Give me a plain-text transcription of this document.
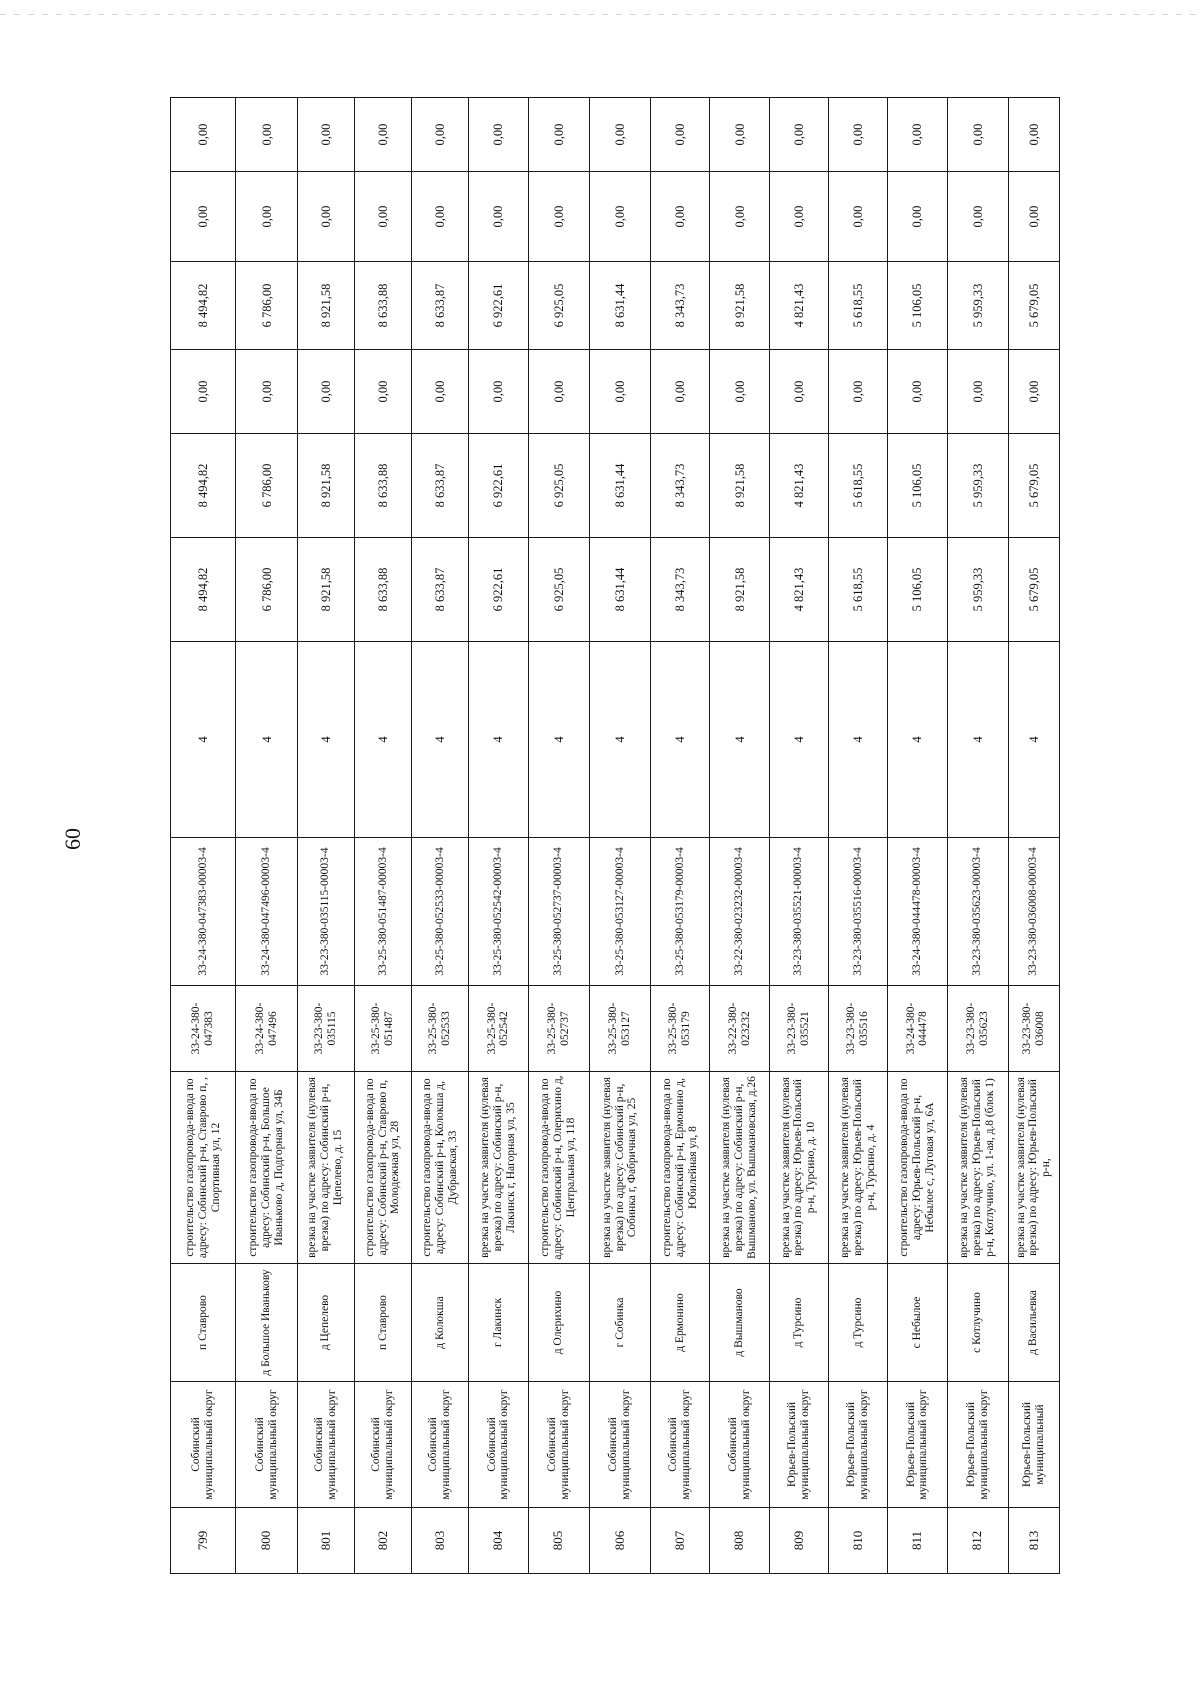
60
799	Собинский муниципальный округ	п Ставрово	строительство газопровода-ввода по адресу: Собинский р-н, Ставрово п, , Спортивная ул, 12	33-24-380-047383	33-24-380-047383-00003-4	4	8 494,82	8 494,82	0,00	8 494,82	0,00	0,00
800	Собинский муниципальный округ	д Большое Иванькову	строительство газопровода-ввода по адресу: Собинский р-н, Большое Иваньково д, Подгорная ул, 34Б	33-24-380-047496	33-24-380-047496-00003-4	4	6 786,00	6 786,00	0,00	6 786,00	0,00	0,00
801	Собинский муниципальный округ	д Цепелево	врезка на участке заявителя (нулевая врезка) по адресу: Собинский р-н, Цепелево, д. 15	33-23-380-035115	33-23-380-035115-00003-4	4	8 921,58	8 921,58	0,00	8 921,58	0,00	0,00
802	Собинский муниципальный округ	п Ставрово	строительство газопровода-ввода по адресу: Собинский р-н, Ставрово п, Молодежная ул, 28	33-25-380-051487	33-25-380-051487-00003-4	4	8 633,88	8 633,88	0,00	8 633,88	0,00	0,00
803	Собинский муниципальный округ	д Колокша	строительство газопровода-ввода по адресу: Собинский р-н, Колокша д, Дубравская, 33	33-25-380-052533	33-25-380-052533-00003-4	4	8 633,87	8 633,87	0,00	8 633,87	0,00	0,00
804	Собинский муниципальный округ	г Лакинск	врезка на участке заявителя (нулевая врезка) по адресу: Собинский р-н, Лакинск г, Нагорная ул, 35	33-25-380-052542	33-25-380-052542-00003-4	4	6 922,61	6 922,61	0,00	6 922,61	0,00	0,00
805	Собинский муниципальный округ	д Олерихино	строительство газопровода-ввода по адресу: Собинский р-н, Олерихино д, Центральная ул, 118	33-25-380-052737	33-25-380-052737-00003-4	4	6 925,05	6 925,05	0,00	6 925,05	0,00	0,00
806	Собинский муниципальный округ	г Собинка	врезка на участке заявителя (нулевая врезка) по адресу: Собинский р-н, Собинка г, Фабричная ул, 25	33-25-380-053127	33-25-380-053127-00003-4	4	8 631,44	8 631,44	0,00	8 631,44	0,00	0,00
807	Собинский муниципальный округ	д Ермонино	строительство газопровода-ввода по адресу: Собинский р-н, Ермонино д, Юбилейная ул, 8	33-25-380-053179	33-25-380-053179-00003-4	4	8 343,73	8 343,73	0,00	8 343,73	0,00	0,00
808	Собинский муниципальный округ	д Вышманово	врезка на участке заявителя (нулевая врезка) по адресу: Собинский р-н, Вышманово, ул. Вышмановская, д.26	33-22-380-023232	33-22-380-023232-00003-4	4	8 921,58	8 921,58	0,00	8 921,58	0,00	0,00
809	Юрьев-Польский муниципальный округ	д Турсино	врезка на участке заявителя (нулевая врезка) по адресу: Юрьев-Польский р-н, Турсино, д. 10	33-23-380-035521	33-23-380-035521-00003-4	4	4 821,43	4 821,43	0,00	4 821,43	0,00	0,00
810	Юрьев-Польский муниципальный округ	д Турсино	врезка на участке заявителя (нулевая врезка) по адресу: Юрьев-Польский р-н, Турсино, д. 4	33-23-380-035516	33-23-380-035516-00003-4	4	5 618,55	5 618,55	0,00	5 618,55	0,00	0,00
811	Юрьев-Польский муниципальный округ	с Небылое	строительство газопровода-ввода по адресу: Юрьев-Польский р-н, Небылое с, Луговая ул, 6А	33-24-380-044478	33-24-380-044478-00003-4	4	5 106,05	5 106,05	0,00	5 106,05	0,00	0,00
812	Юрьев-Польский муниципальный округ	с Котлучино	врезка на участке заявителя (нулевая врезка) по адресу: Юрьев-Польский р-н, Котлучино, ул. 1-ая, д.8 (блок 1)	33-23-380-035623	33-23-380-035623-00003-4	4	5 959,33	5 959,33	0,00	5 959,33	0,00	0,00
813	Юрьев-Польский муниципальный	д Васильевка	врезка на участке заявителя (нулевая врезка) по адресу: Юрьев-Польский р-н,	33-23-380-036008	33-23-380-036008-00003-4	4	5 679,05	5 679,05	0,00	5 679,05	0,00	0,00
